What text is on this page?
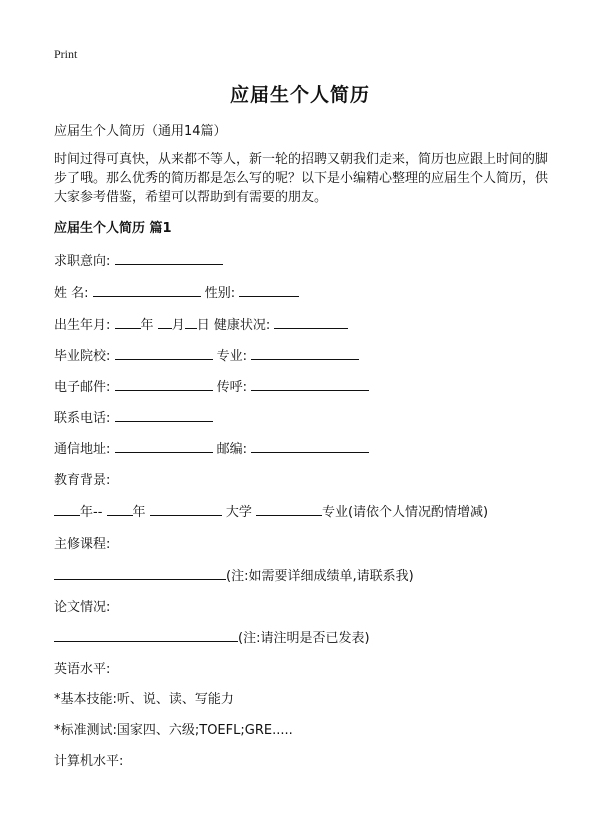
Print
应届生个人简历
应届生个人简历（通用14篇）
时间过得可真快，从来都不等人，新一轮的招聘又朝我们走来，简历也应跟上时间的脚步了哦。那么优秀的简历都是怎么写的呢？以下是小编精心整理的应届生个人简历，供大家参考借鉴，希望可以帮助到有需要的朋友。
应届生个人简历 篇1
求职意向:
姓 名:	性别:
出生年月: 年 月 日 健康状况:
毕业院校:	专业:
电子邮件:	传呼:
联系电话:
通信地址:	邮编:
教育背景:
年-- 年	大学	专业(请依个人情况酌情增减)
主修课程:
(注:如需要详细成绩单,请联系我)
论文情况:
(注:请注明是否已发表)
英语水平:
*基本技能:听、说、读、写能力
*标准测试:国家四、六级;TOEFL;GRE.....
计算机水平:
